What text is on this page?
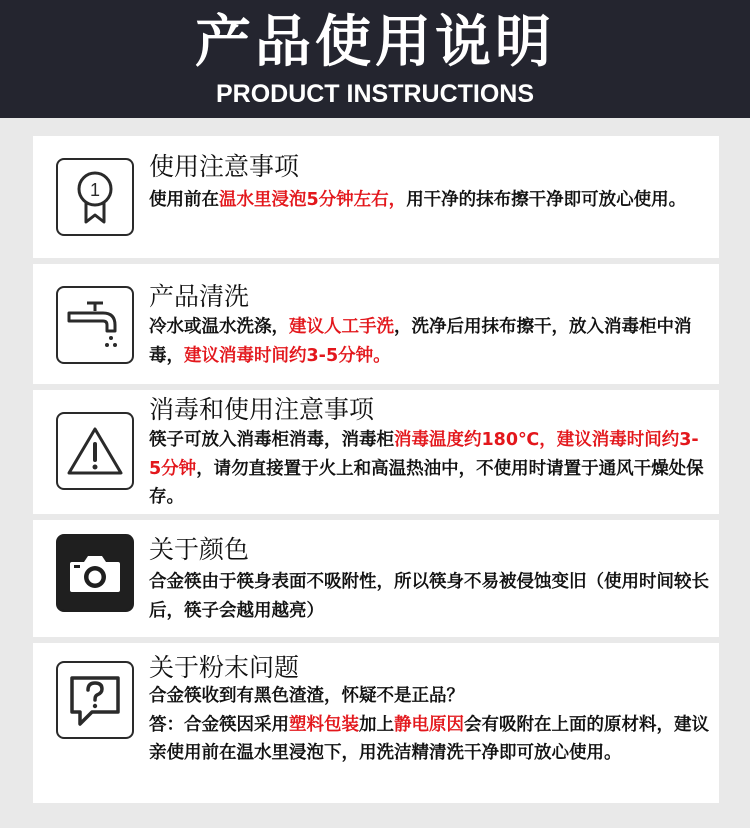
产品使用说明
PRODUCT INSTRUCTIONS
1
使用注意事项
使用前在温水里浸泡5分钟左右，用干净的抹布擦干净即可放心使用。
产品清洗
冷水或温水洗涤，建议人工手洗，洗净后用抹布擦干，放入消毒柜中消毒，建议消毒时间约3-5分钟。
消毒和使用注意事项
筷子可放入消毒柜消毒，消毒柜消毒温度约180℃，建议消毒时间约3-5分钟，请勿直接置于火上和高温热油中，不使用时请置于通风干燥处保存。
关于颜色
合金筷由于筷身表面不吸附性，所以筷身不易被侵蚀变旧（使用时间较长后，筷子会越用越亮）
关于粉末问题
合金筷收到有黑色渣渣，怀疑不是正品？
答：合金筷因采用塑料包装加上静电原因会有吸附在上面的原材料，建议亲使用前在温水里浸泡下，用洗洁精清洗干净即可放心使用。
